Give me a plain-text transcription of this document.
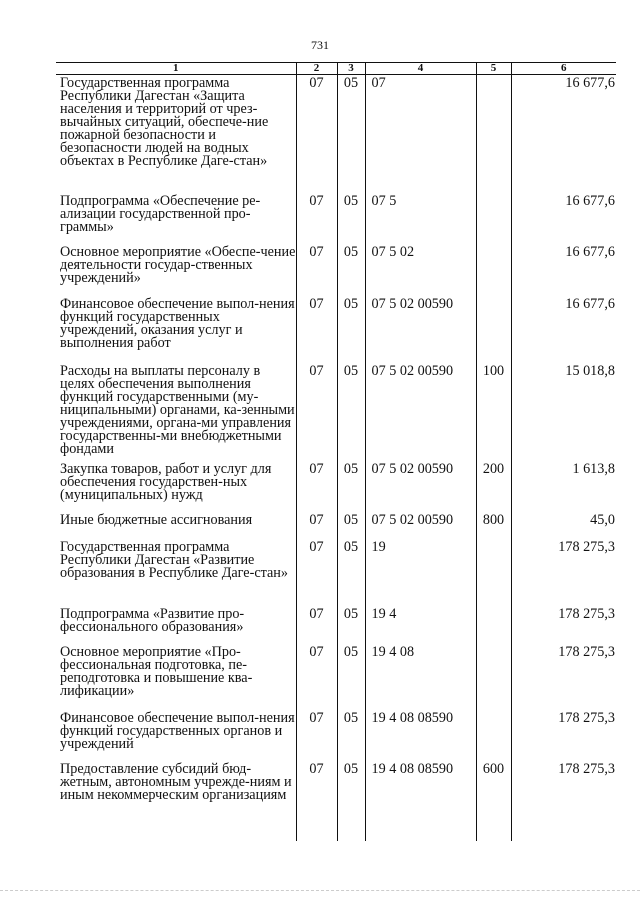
731
1	2	3	4	5	6
Государственная программа Республики Дагестан «Защита населения и территорий от чрез-вычайных ситуаций, обеспече-ние пожарной безопасности и безопасности людей на водных объектах в Республике Даге-стан»	07	05	07		16 677,6
Подпрограмма «Обеспечение ре-ализации государственной про-граммы»	07	05	07 5		16 677,6
Основное мероприятие «Обеспе-чение деятельности государ-ственных учреждений»	07	05	07 5 02		16 677,6
Финансовое обеспечение выпол-нения функций государственных учреждений, оказания услуг и выполнения работ	07	05	07 5 02 00590		16 677,6
Расходы на выплаты персоналу в целях обеспечения выполнения функций государственными (му-ниципальными) органами, ка-зенными учреждениями, органа-ми управления государственны-ми внебюджетными фондами	07	05	07 5 02 00590	100	15 018,8
Закупка товаров, работ и услуг для обеспечения государствен-ных (муниципальных) нужд	07	05	07 5 02 00590	200	1 613,8
Иные бюджетные ассигнования	07	05	07 5 02 00590	800	45,0
Государственная программа Республики Дагестан «Развитие образования в Республике Даге-стан»	07	05	19		178 275,3
Подпрограмма «Развитие про-фессионального образования»	07	05	19 4		178 275,3
Основное мероприятие «Про-фессиональная подготовка, пе-реподготовка и повышение ква-лификации»	07	05	19 4 08		178 275,3
Финансовое обеспечение выпол-нения функций государственных органов и учреждений	07	05	19 4 08 08590		178 275,3
Предоставление субсидий бюд-жетным, автономным учрежде-ниям и иным некоммерческим организациям	07	05	19 4 08 08590	600	178 275,3
